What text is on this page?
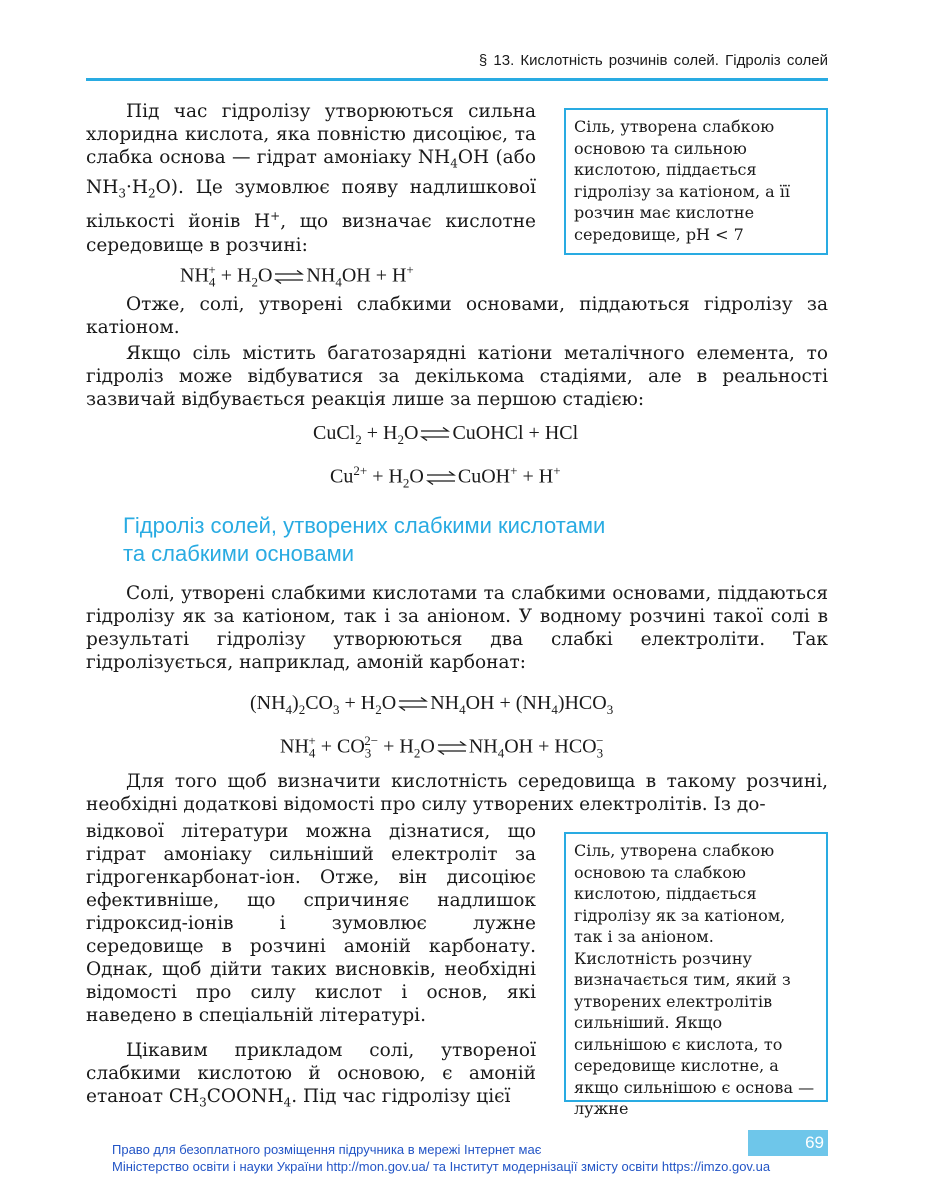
§ 13. Кислотність розчинів солей. Гідроліз солей

Під час гідролізу утворюються сильна хлоридна кислота, яка повністю дисоціює, та слабка основа — гідрат амоніаку $NH_4OH$ (або $NH_3\cdot H_2O$). Це зумовлює появу надлишкової кількості йонів H+, що визначає кислотне середовище в розчині:

Сіль, утворена слабкою основою та сильною кислотою, піддається гідролізу за катіоном, а її розчин має кислотне середовище, pH < 7
$NH_4^+ + H_2O$ ⇌ $NH_4OH + H^+$

Отже, солі, утворені слабкими основами, піддаються гідролізу за катіоном.

Якщо сіль містить багатозарядні катіони металічного елемента, то гідроліз може відбуватися за декількома стадіями, але в реальності зазвичай відбувається реакція лише за першою стадією:

CuCl$_2$ + $H_2O$ ⇌ CuOHCl + HCl
$Cu^{2+} + H_2O$ ⇌ CuOH+ + H+
Гідроліз солей, утворених слабкими кислотами
та слабкими основами

Солі, утворені слабкими кислотами та слабкими основами, піддаються гідролізу як за катіоном, так і за аніоном. У водному розчині такої солі в результаті гідролізу утворюються два слабкі електроліти. Так гідролізується, наприклад, амоній карбонат:

$(NH_4)_2CO_3 + H_2O$ ⇌ $NH_4OH + (NH_4)HCO_3$
$NH_4^+ + CO_3^{2-} + H_2O$ ⇌ $NH_4OH + HCO_3^-$

Для того щоб визначити кислотність середовища в такому розчині, необхідні додаткові відомості про силу утворених електролітів. Із до-

відкової літератури можна дізнатися, що гідрат амоніаку сильніший електроліт за гідрогенкарбонат-іон. Отже, він дисоціює ефективніше, що спричиняє надлишок гідроксид-іонів і зумовлює лужне середовище в розчині амоній карбонату. Однак, щоб дійти таких висновків, необхідні відомості про силу кислот і основ, які наведено в спеціальній літературі.

Сіль, утворена слабкою основою та слабкою кислотою, піддається гідролізу як за катіоном, так і за аніоном. Кислотність розчину визначається тим, який з утворених електролітів сильніший. Якщо сильнішою є кислота, то середовище кислотне, а якщо сильнішою є основа — лужне

Цікавим прикладом солі, утвореної слабкими кислотою й основою, є амоній етаноат $CH_3COONH_4$. Під час гідролізу цієї

69
Право для безоплатного розміщення підручника в мережі Інтернет має
Міністерство освіти і науки України http://mon.gov.ua/ та Інститут модернізації змісту освіти https://imzo.gov.ua
